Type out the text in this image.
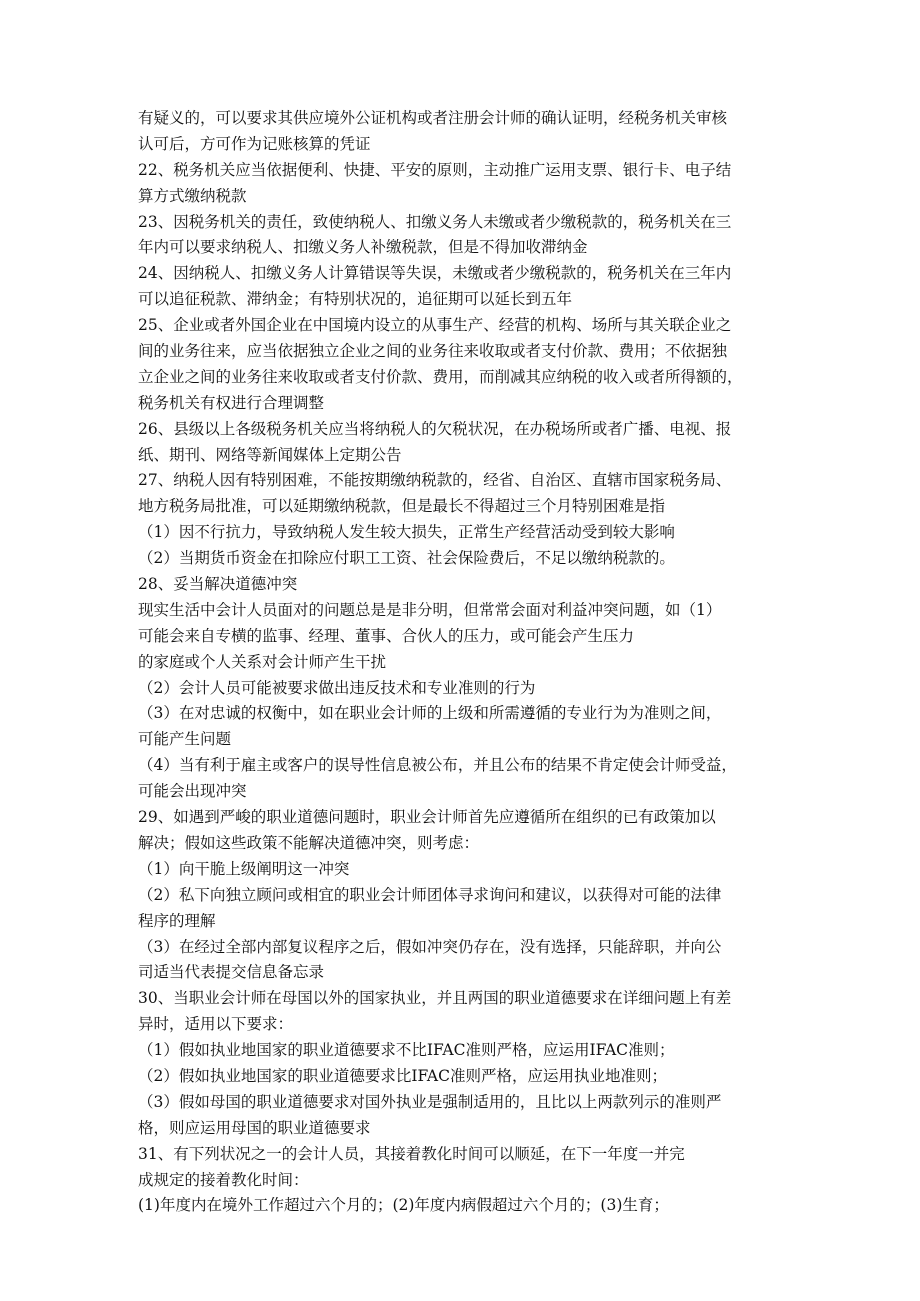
有疑义的，可以要求其供应境外公证机构或者注册会计师的确认证明，经税务机关审核
认可后，方可作为记账核算的凭证
22、税务机关应当依据便利、快捷、平安的原则，主动推广运用支票、银行卡、电子结
算方式缴纳税款
23、因税务机关的责任，致使纳税人、扣缴义务人未缴或者少缴税款的，税务机关在三
年内可以要求纳税人、扣缴义务人补缴税款，但是不得加收滞纳金
24、因纳税人、扣缴义务人计算错误等失误，未缴或者少缴税款的，税务机关在三年内
可以追征税款、滞纳金；有特别状况的，追征期可以延长到五年
25、企业或者外国企业在中国境内设立的从事生产、经营的机构、场所与其关联企业之
间的业务往来，应当依据独立企业之间的业务往来收取或者支付价款、费用；不依据独
立企业之间的业务往来收取或者支付价款、费用，而削减其应纳税的收入或者所得额的，
税务机关有权进行合理调整
26、县级以上各级税务机关应当将纳税人的欠税状况，在办税场所或者广播、电视、报
纸、期刊、网络等新闻媒体上定期公告
27、纳税人因有特别困难，不能按期缴纳税款的，经省、自治区、直辖市国家税务局、
地方税务局批准，可以延期缴纳税款，但是最长不得超过三个月特别困难是指
（1）因不行抗力，导致纳税人发生较大损失，正常生产经营活动受到较大影响
（2）当期货币资金在扣除应付职工工资、社会保险费后，不足以缴纳税款的。
28、妥当解决道德冲突
现实生活中会计人员面对的问题总是是非分明，但常常会面对利益冲突问题，如（1）
可能会来自专横的监事、经理、董事、合伙人的压力，或可能会产生压力
的家庭或个人关系对会计师产生干扰
（2）会计人员可能被要求做出违反技术和专业准则的行为
（3）在对忠诚的权衡中，如在职业会计师的上级和所需遵循的专业行为为准则之间，
可能产生问题
（4）当有利于雇主或客户的误导性信息被公布，并且公布的结果不肯定使会计师受益，
可能会出现冲突
29、如遇到严峻的职业道德问题时，职业会计师首先应遵循所在组织的已有政策加以
解决；假如这些政策不能解决道德冲突，则考虑：
（1）向干脆上级阐明这一冲突
（2）私下向独立顾问或相宜的职业会计师团体寻求询问和建议，以获得对可能的法律
程序的理解
（3）在经过全部内部复议程序之后，假如冲突仍存在，没有选择，只能辞职，并向公
司适当代表提交信息备忘录
30、当职业会计师在母国以外的国家执业，并且两国的职业道德要求在详细问题上有差
异时，适用以下要求：
（1）假如执业地国家的职业道德要求不比IFAC准则严格，应运用IFAC准则；
（2）假如执业地国家的职业道德要求比IFAC准则严格，应运用执业地准则；
（3）假如母国的职业道德要求对国外执业是强制适用的，且比以上两款列示的准则严
格，则应运用母国的职业道德要求
31、有下列状况之一的会计人员，其接着教化时间可以顺延，在下一年度一并完
成规定的接着教化时间：
(1)年度内在境外工作超过六个月的；(2)年度内病假超过六个月的；(3)生育；
